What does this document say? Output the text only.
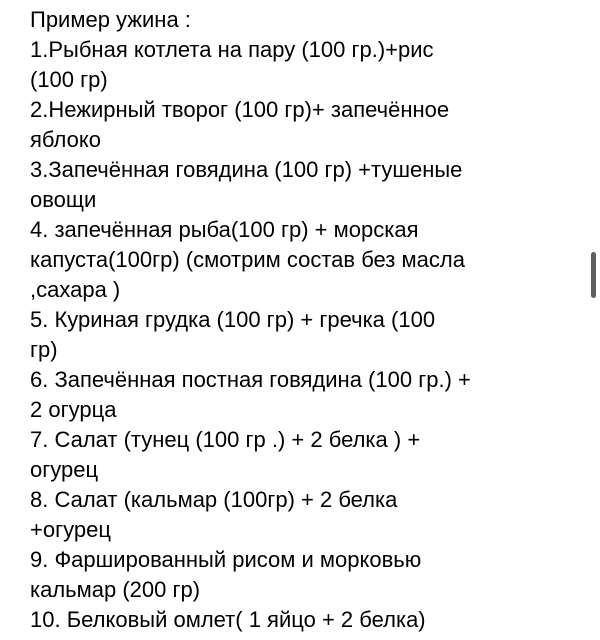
Пример ужина :
1.Рыбная котлета на пару (100 гр.)+рис
(100 гр)
2.Нежирный творог (100 гр)+ запечённое
яблоко
3.Запечённая говядина (100 гр) +тушеные
овощи
4. запечённая рыба(100 гр) + морская
капуста(100гр) (смотрим состав без масла
,сахара )
5. Куриная грудка (100 гр) + гречка (100
гр)
6. Запечённая постная говядина (100 гр.) +
2 огурца
7. Салат (тунец (100 гр .) + 2 белка ) +
огурец
8. Салат (кальмар (100гр) + 2 белка
+огурец
9. Фаршированный рисом и морковью
кальмар (200 гр)
10. Белковый омлет( 1 яйцо + 2 белка)
